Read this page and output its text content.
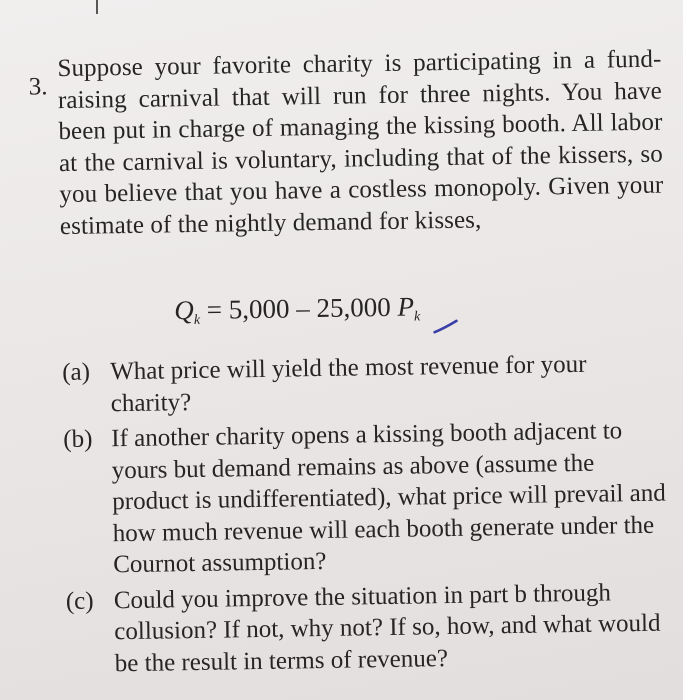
3.
Suppose your favorite charity is participating in a fund-raising carnival that will run for three nights. You have been put in charge of managing the kissing booth. All labor at the carnival is voluntary, including that of the kissers, so you believe that you have a costless monopoly. Given your estimate of the nightly demand for kisses,
$Q_k = 5,000 - 25,000$ $P_k$
(a) What price will yield the most revenue for your charity?
(b) If another charity opens a kissing booth adjacent to yours but demand remains as above (assume the product is undifferentiated), what price will prevail and how much revenue will each booth generate under the Cournot assumption?
(c) Could you improve the situation in part b through collusion? If not, why not? If so, how, and what would be the result in terms of revenue?
